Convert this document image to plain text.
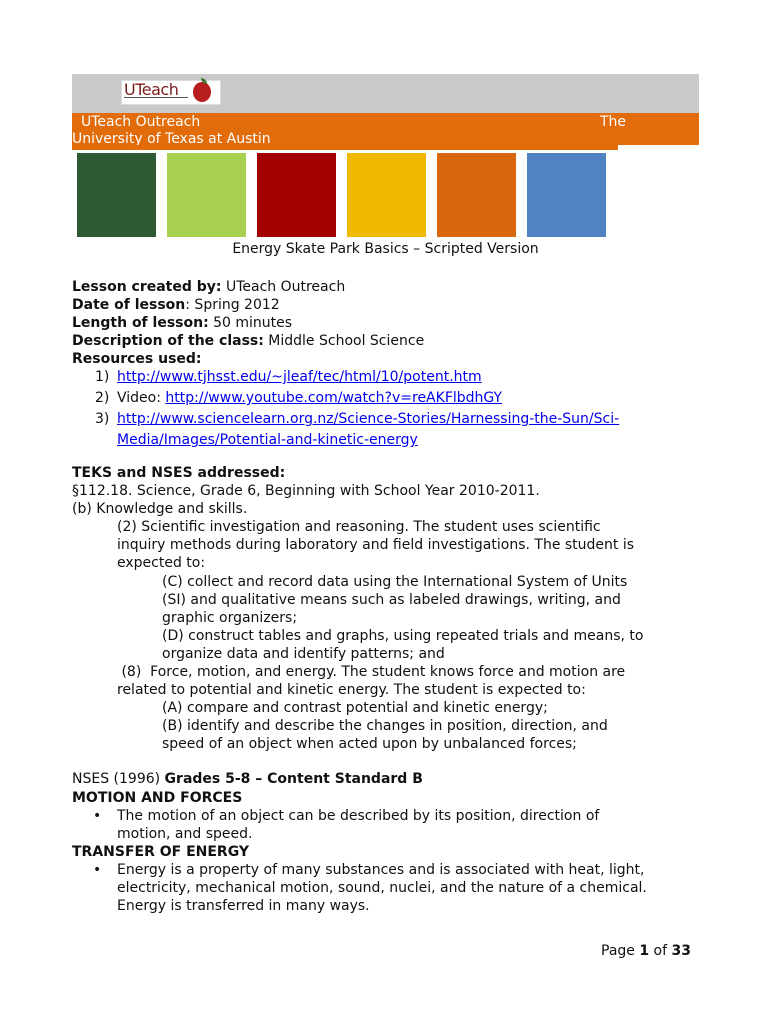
UTeach
UTeach Outreach	The
University of Texas at Austin
Energy Skate Park Basics – Scripted Version
Lesson created by: UTeach Outreach
Date of lesson: Spring 2012
Length of lesson: 50 minutes
Description of the class: Middle School Science
Resources used:
1) http://www.tjhsst.edu/~jleaf/tec/html/10/potent.htm
2) Video: http://www.youtube.com/watch?v=reAKFlbdhGY
3) http://www.sciencelearn.org.nz/Science-Stories/Harnessing-the-Sun/Sci-
Media/Images/Potential-and-kinetic-energy
TEKS and NSES addressed:
§112.18. Science, Grade 6, Beginning with School Year 2010-2011.
(b) Knowledge and skills.
(2) Scientific investigation and reasoning. The student uses scientific
inquiry methods during laboratory and field investigations. The student is
expected to:
(C) collect and record data using the International System of Units
(SI) and qualitative means such as labeled drawings, writing, and
graphic organizers;
(D) construct tables and graphs, using repeated trials and means, to
organize data and identify patterns; and
(8)  Force, motion, and energy. The student knows force and motion are
related to potential and kinetic energy. The student is expected to:
(A) compare and contrast potential and kinetic energy;
(B) identify and describe the changes in position, direction, and
speed of an object when acted upon by unbalanced forces;
NSES (1996) Grades 5-8 – Content Standard B
MOTION AND FORCES
• The motion of an object can be described by its position, direction of
motion, and speed.
TRANSFER OF ENERGY
• Energy is a property of many substances and is associated with heat, light,
electricity, mechanical motion, sound, nuclei, and the nature of a chemical.
Energy is transferred in many ways.
Page 1 of 33
